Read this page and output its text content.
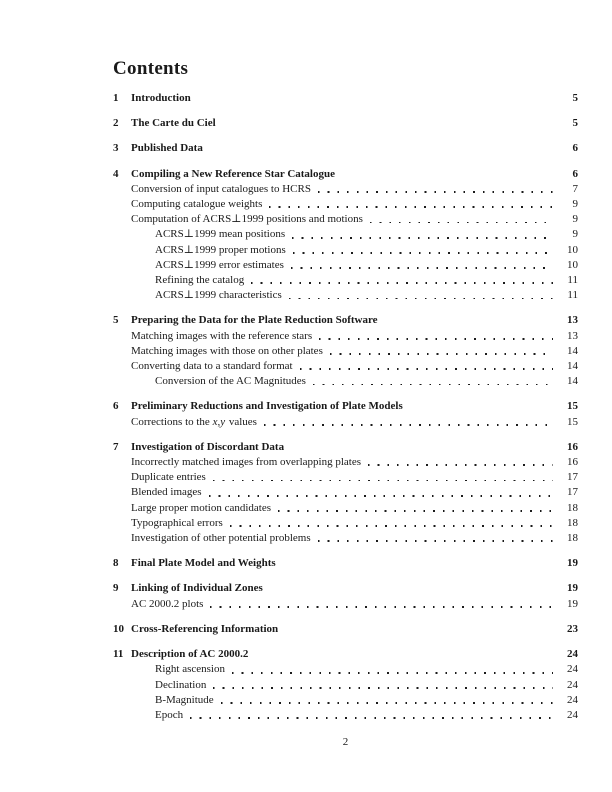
Contents
1	Introduction	5
2	The Carte du Ciel	5
3	Published Data	6
4	Compiling a New Reference Star Catalogue	6
Conversion of input catalogues to HCRS	7
Computing catalogue weights	9
Computation of ACRS⊥1999 positions and motions	9
ACRS⊥1999 mean positions	9
ACRS⊥1999 proper motions	10
ACRS⊥1999 error estimates	10
Refining the catalog	11
ACRS⊥1999 characteristics	11
5	Preparing the Data for the Plate Reduction Software	13
Matching images with the reference stars	13
Matching images with those on other plates	14
Converting data to a standard format	14
Conversion of the AC Magnitudes	14
6	Preliminary Reductions and Investigation of Plate Models	15
Corrections to the x,y values	15
7	Investigation of Discordant Data	16
Incorrectly matched images from overlapping plates	16
Duplicate entries	17
Blended images	17
Large proper motion candidates	18
Typographical errors	18
Investigation of other potential problems	18
8	Final Plate Model and Weights	19
9	Linking of Individual Zones	19
AC 2000.2 plots	19
10 Cross-Referencing Information	23
11 Description of AC 2000.2	24
Right ascension	24
Declination	24
B-Magnitude	24
Epoch	24
2
